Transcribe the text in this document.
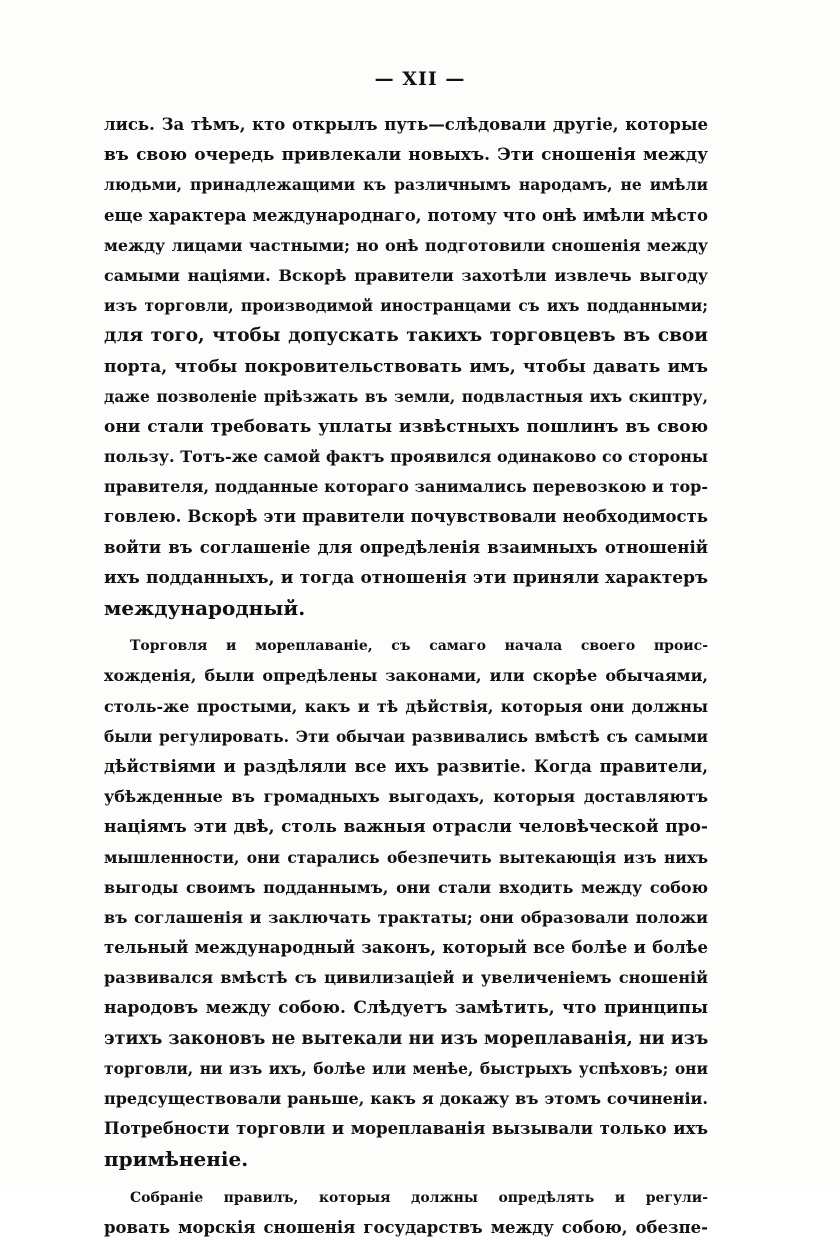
— XII —
лись. За тѣмъ, кто открылъ путь—слѣдовали другіе, которые
въ свою очередь привлекали новыхъ. Эти сношенія между
людьми, принадлежащими къ различнымъ народамъ, не имѣли
еще характера международнаго, потому что онѣ имѣли мѣсто
между лицами частными; но онѣ подготовили сношенія между
самыми націями. Вскорѣ правители захотѣли извлечь выгоду
изъ торговли, производимой иностранцами съ ихъ подданными;
для того, чтобы допускать такихъ торговцевъ въ свои
порта, чтобы покровительствовать имъ, чтобы давать имъ
даже позволеніе пріѣзжать въ земли, подвластныя ихъ скиптру,
они стали требовать уплаты извѣстныхъ пошлинъ въ свою
пользу. Тотъ-же самой фактъ проявился одинаково со стороны
правителя, подданные котораго занимались перевозкою и тор-
говлею. Вскорѣ эти правители почувствовали необходимость
войти въ соглашеніе для опредѣленія взаимныхъ отношеній
ихъ подданныхъ, и тогда отношенія эти приняли характеръ
международный.
Торговля и мореплаваніе, съ самаго начала своего проис-
хожденія, были опредѣлены законами, или скорѣе обычаями,
столь-же простыми, какъ и тѣ дѣйствія, которыя они должны
были регулировать. Эти обычаи развивались вмѣстѣ съ самыми
дѣйствіями и раздѣляли все ихъ развитіе. Когда правители,
убѣжденные въ громадныхъ выгодахъ, которыя доставляютъ
націямъ эти двѣ, столь важныя отрасли человѣческой про-
мышленности, они старались обезпечить вытекающія изъ нихъ
выгоды своимъ подданнымъ, они стали входить между собою
въ соглашенія и заключать трактаты; они образовали положи
тельный международный законъ, который все болѣе и болѣе
развивался вмѣстѣ съ цивилизаціей и увеличеніемъ сношеній
народовъ между собою. Слѣдуетъ замѣтить, что принципы
этихъ законовъ не вытекали ни изъ мореплаванія, ни изъ
торговли, ни изъ ихъ, болѣе или менѣе, быстрыхъ успѣховъ; они
предсуществовали раньше, какъ я докажу въ этомъ сочиненіи.
Потребности торговли и мореплаванія вызывали только ихъ
примѣненіе.
Собраніе правилъ, которыя должны опредѣлять и регули-
ровать морскія сношенія государствъ между собою, обезпе-
